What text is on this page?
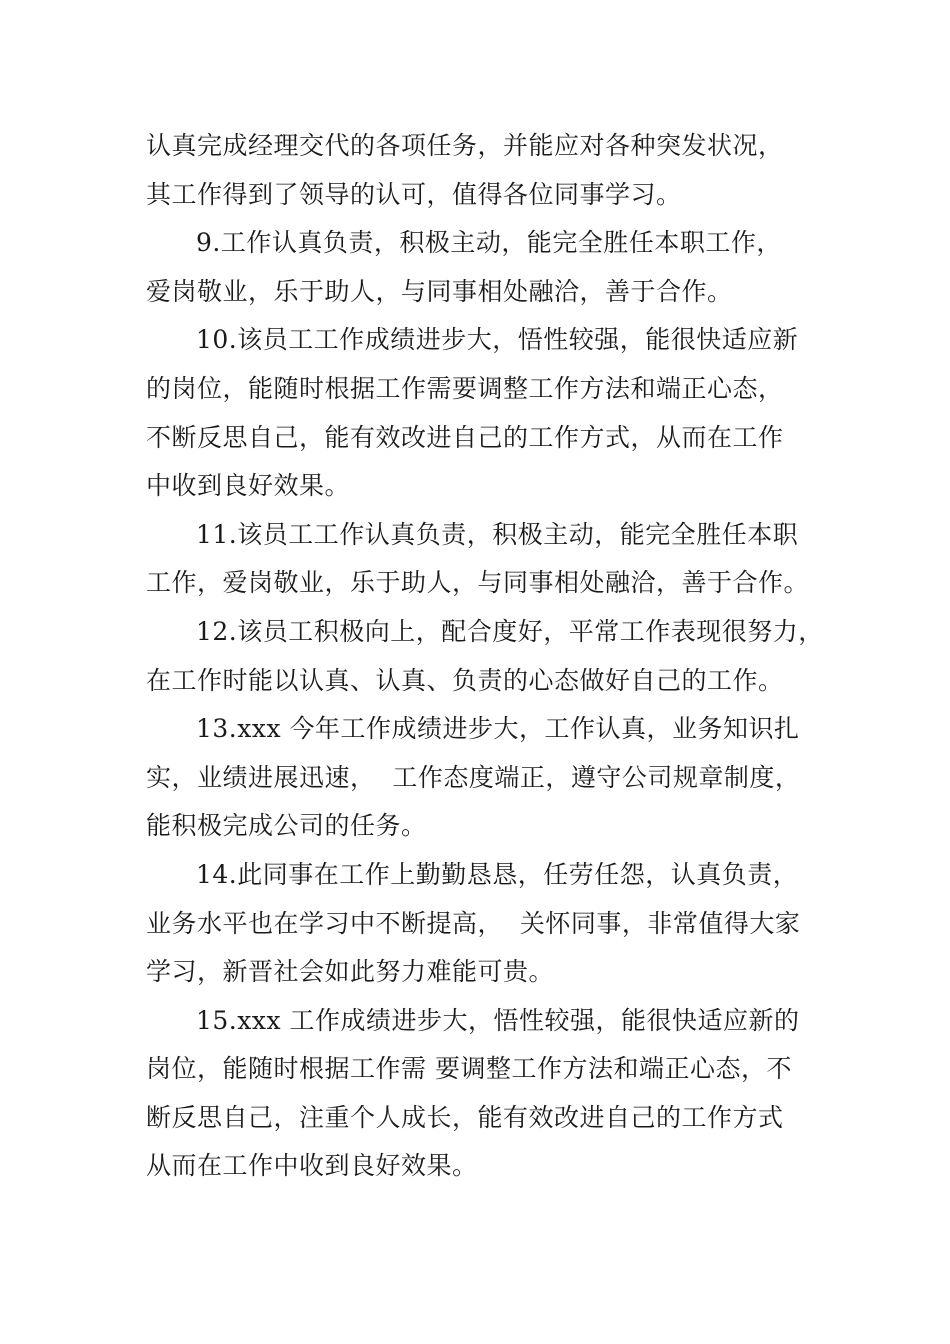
认真完成经理交代的各项任务，并能应对各种突发状况，
其工作得到了领导的认可，值得各位同事学习。
9.工作认真负责，积极主动，能完全胜任本职工作，
爱岗敬业，乐于助人，与同事相处融洽，善于合作。
10.该员工工作成绩进步大，悟性较强，能很快适应新
的岗位，能随时根据工作需要调整工作方法和端正心态，
不断反思自己，能有效改进自己的工作方式，从而在工作
中收到良好效果。
11.该员工工作认真负责，积极主动，能完全胜任本职
工作，爱岗敬业，乐于助人，与同事相处融洽，善于合作。
12.该员工积极向上，配合度好，平常工作表现很努力，
在工作时能以认真、认真、负责的心态做好自己的工作。
13.xxx 今年工作成绩进步大，工作认真，业务知识扎
实，业绩进展迅速，  工作态度端正，遵守公司规章制度，
能积极完成公司的任务。
14.此同事在工作上勤勤恳恳，任劳任怨，认真负责，
业务水平也在学习中不断提高，  关怀同事，非常值得大家
学习，新晋社会如此努力难能可贵。
15.xxx 工作成绩进步大，悟性较强，能很快适应新的
岗位，能随时根据工作需 要调整工作方法和端正心态，不
断反思自己，注重个人成长，能有效改进自己的工作方式
从而在工作中收到良好效果。
